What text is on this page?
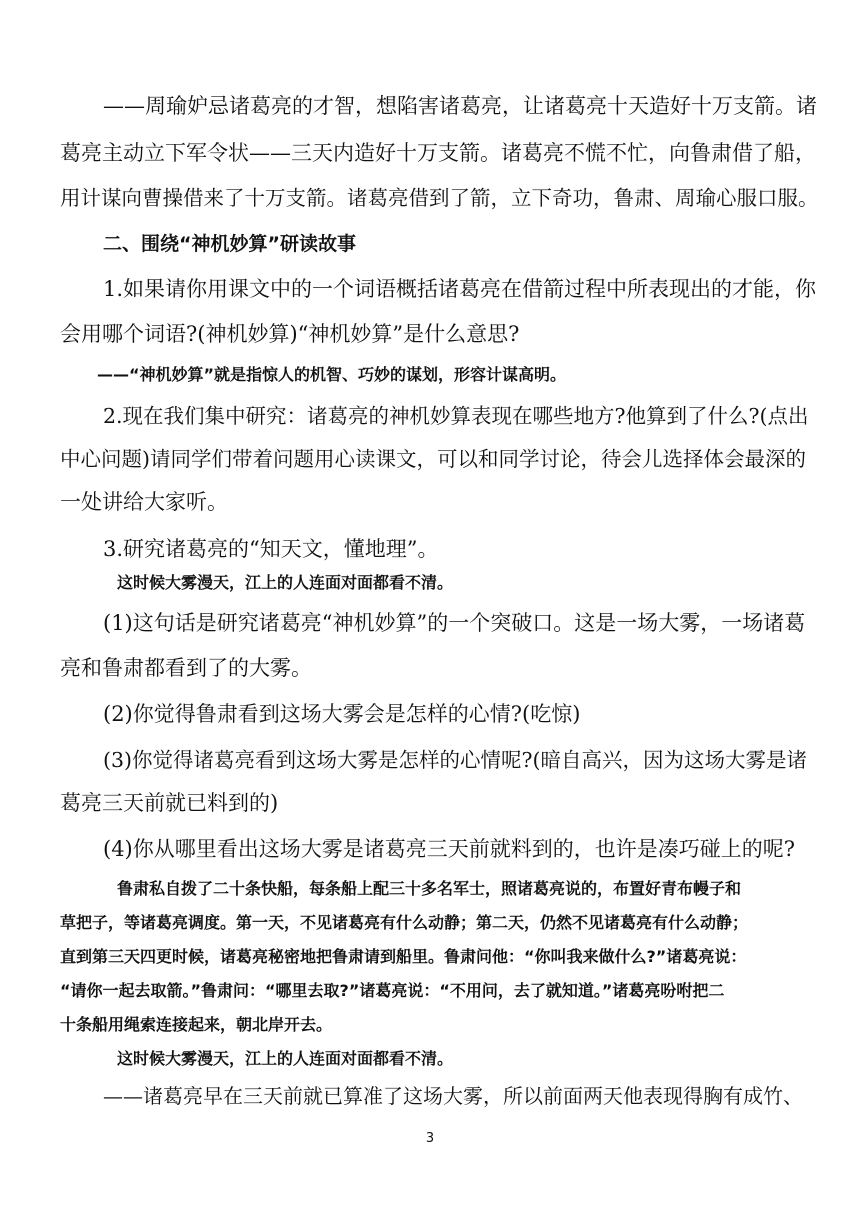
——周瑜妒忌诸葛亮的才智，想陷害诸葛亮，让诸葛亮十天造好十万支箭。诸

葛亮主动立下军令状——三天内造好十万支箭。诸葛亮不慌不忙，向鲁肃借了船，

用计谋向曹操借来了十万支箭。诸葛亮借到了箭，立下奇功，鲁肃、周瑜心服口服。

二、围绕“神机妙算”研读故事

1.如果请你用课文中的一个词语概括诸葛亮在借箭过程中所表现出的才能，你

会用哪个词语?(神机妙算)“神机妙算”是什么意思?

——“神机妙算”就是指惊人的机智、巧妙的谋划，形容计谋高明。

2.现在我们集中研究：诸葛亮的神机妙算表现在哪些地方?他算到了什么?(点出

中心问题)请同学们带着问题用心读课文，可以和同学讨论，待会儿选择体会最深的

一处讲给大家听。

3.研究诸葛亮的“知天文，懂地理”。

这时候大雾漫天，江上的人连面对面都看不清。

(1)这句话是研究诸葛亮“神机妙算”的一个突破口。这是一场大雾，一场诸葛

亮和鲁肃都看到了的大雾。

(2)你觉得鲁肃看到这场大雾会是怎样的心情?(吃惊)

(3)你觉得诸葛亮看到这场大雾是怎样的心情呢?(暗自高兴，因为这场大雾是诸

葛亮三天前就已料到的)

(4)你从哪里看出这场大雾是诸葛亮三天前就料到的，也许是凑巧碰上的呢?

鲁肃私自拨了二十条快船，每条船上配三十多名军士，照诸葛亮说的，布置好青布幔子和

草把子，等诸葛亮调度。第一天，不见诸葛亮有什么动静；第二天，仍然不见诸葛亮有什么动静；

直到第三天四更时候，诸葛亮秘密地把鲁肃请到船里。鲁肃问他：“你叫我来做什么?”诸葛亮说：

“请你一起去取箭。”鲁肃问：“哪里去取?”诸葛亮说：“不用问，去了就知道。”诸葛亮吩咐把二

十条船用绳索连接起来，朝北岸开去。

这时候大雾漫天，江上的人连面对面都看不清。

——诸葛亮早在三天前就已算准了这场大雾，所以前面两天他表现得胸有成竹、

3
